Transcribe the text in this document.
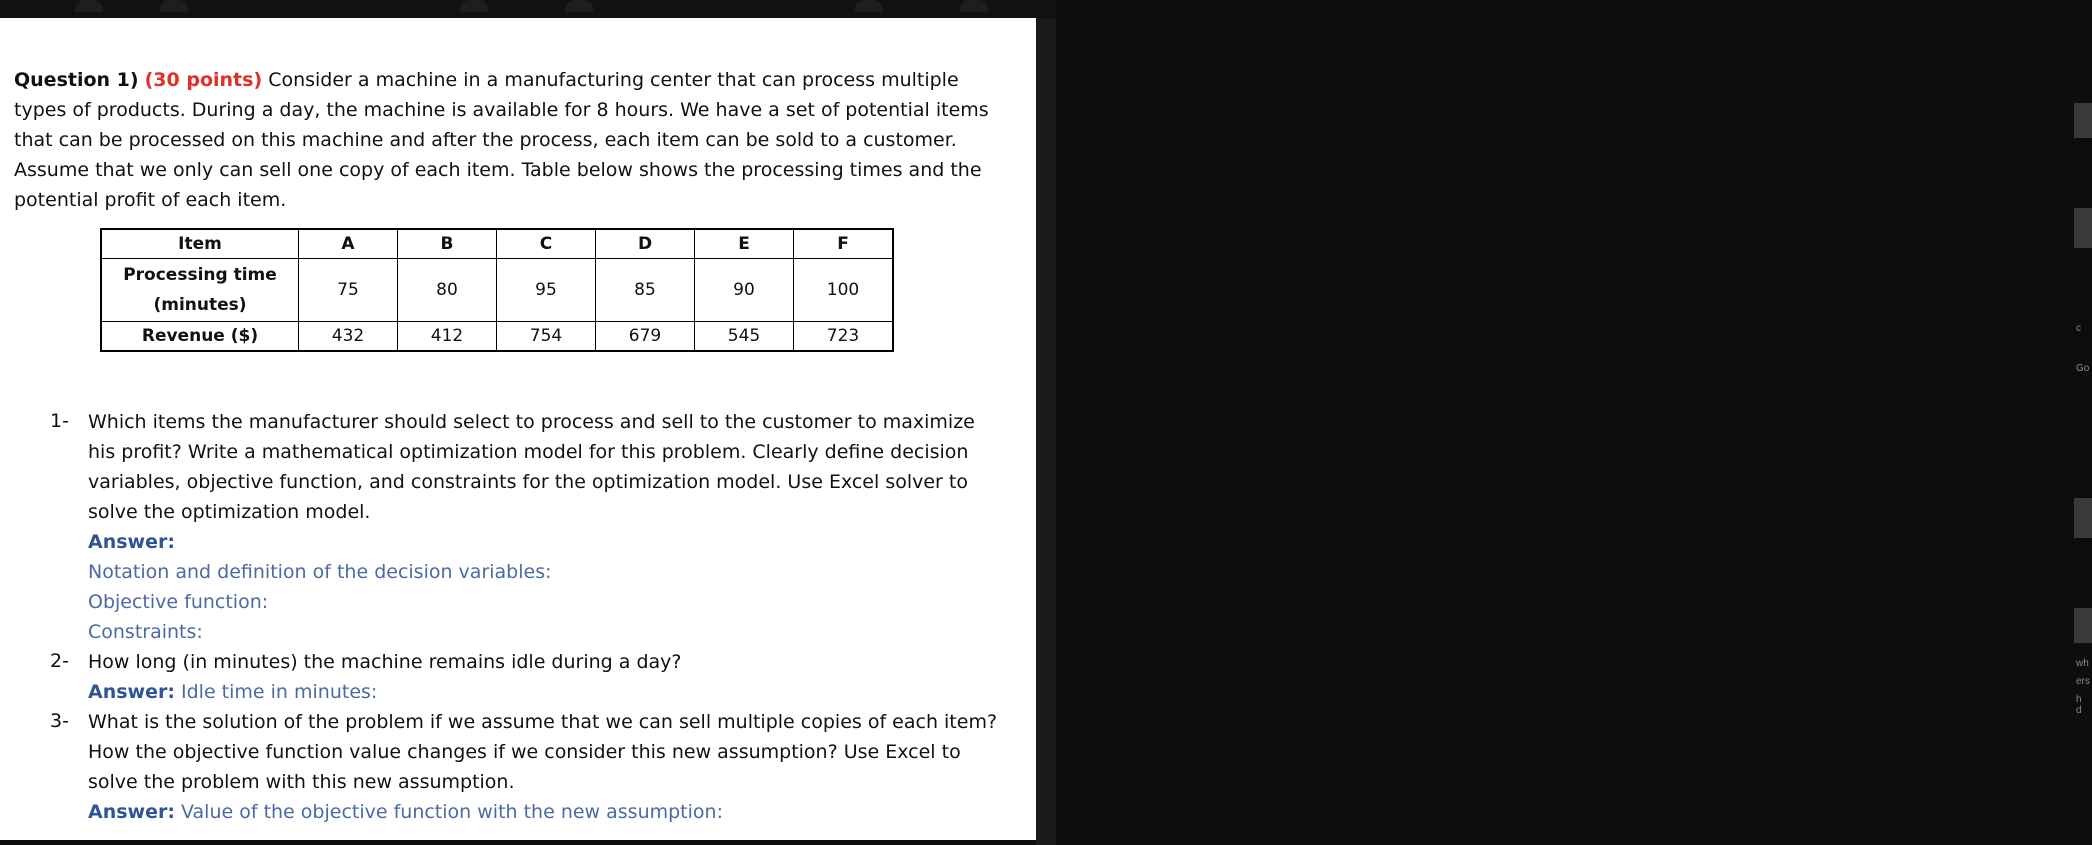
c
Go
wh
ers
h d
Question 1) (30 points) Consider a machine in a manufacturing center that can process multiple types of products. During a day, the machine is available for 8 hours. We have a set of potential items that can be processed on this machine and after the process, each item can be sold to a customer. Assume that we only can sell one copy of each item. Table below shows the processing times and the potential profit of each item.
Item	A	B	C	D	E	F

Processing time
(minutes)	75	80	95	85	90	100
Revenue ($)	432	412	754	679	545	723
1- Which items the manufacturer should select to process and sell to the customer to maximize his profit? Write a mathematical optimization model for this problem. Clearly define decision variables, objective function, and constraints for the optimization model. Use Excel solver to solve the optimization model.
Answer:
Notation and definition of the decision variables:
Objective function:
Constraints:
2- How long (in minutes) the machine remains idle during a day?
Answer: Idle time in minutes:
3- What is the solution of the problem if we assume that we can sell multiple copies of each item? How the objective function value changes if we consider this new assumption? Use Excel to solve the problem with this new assumption.
Answer: Value of the objective function with the new assumption:
